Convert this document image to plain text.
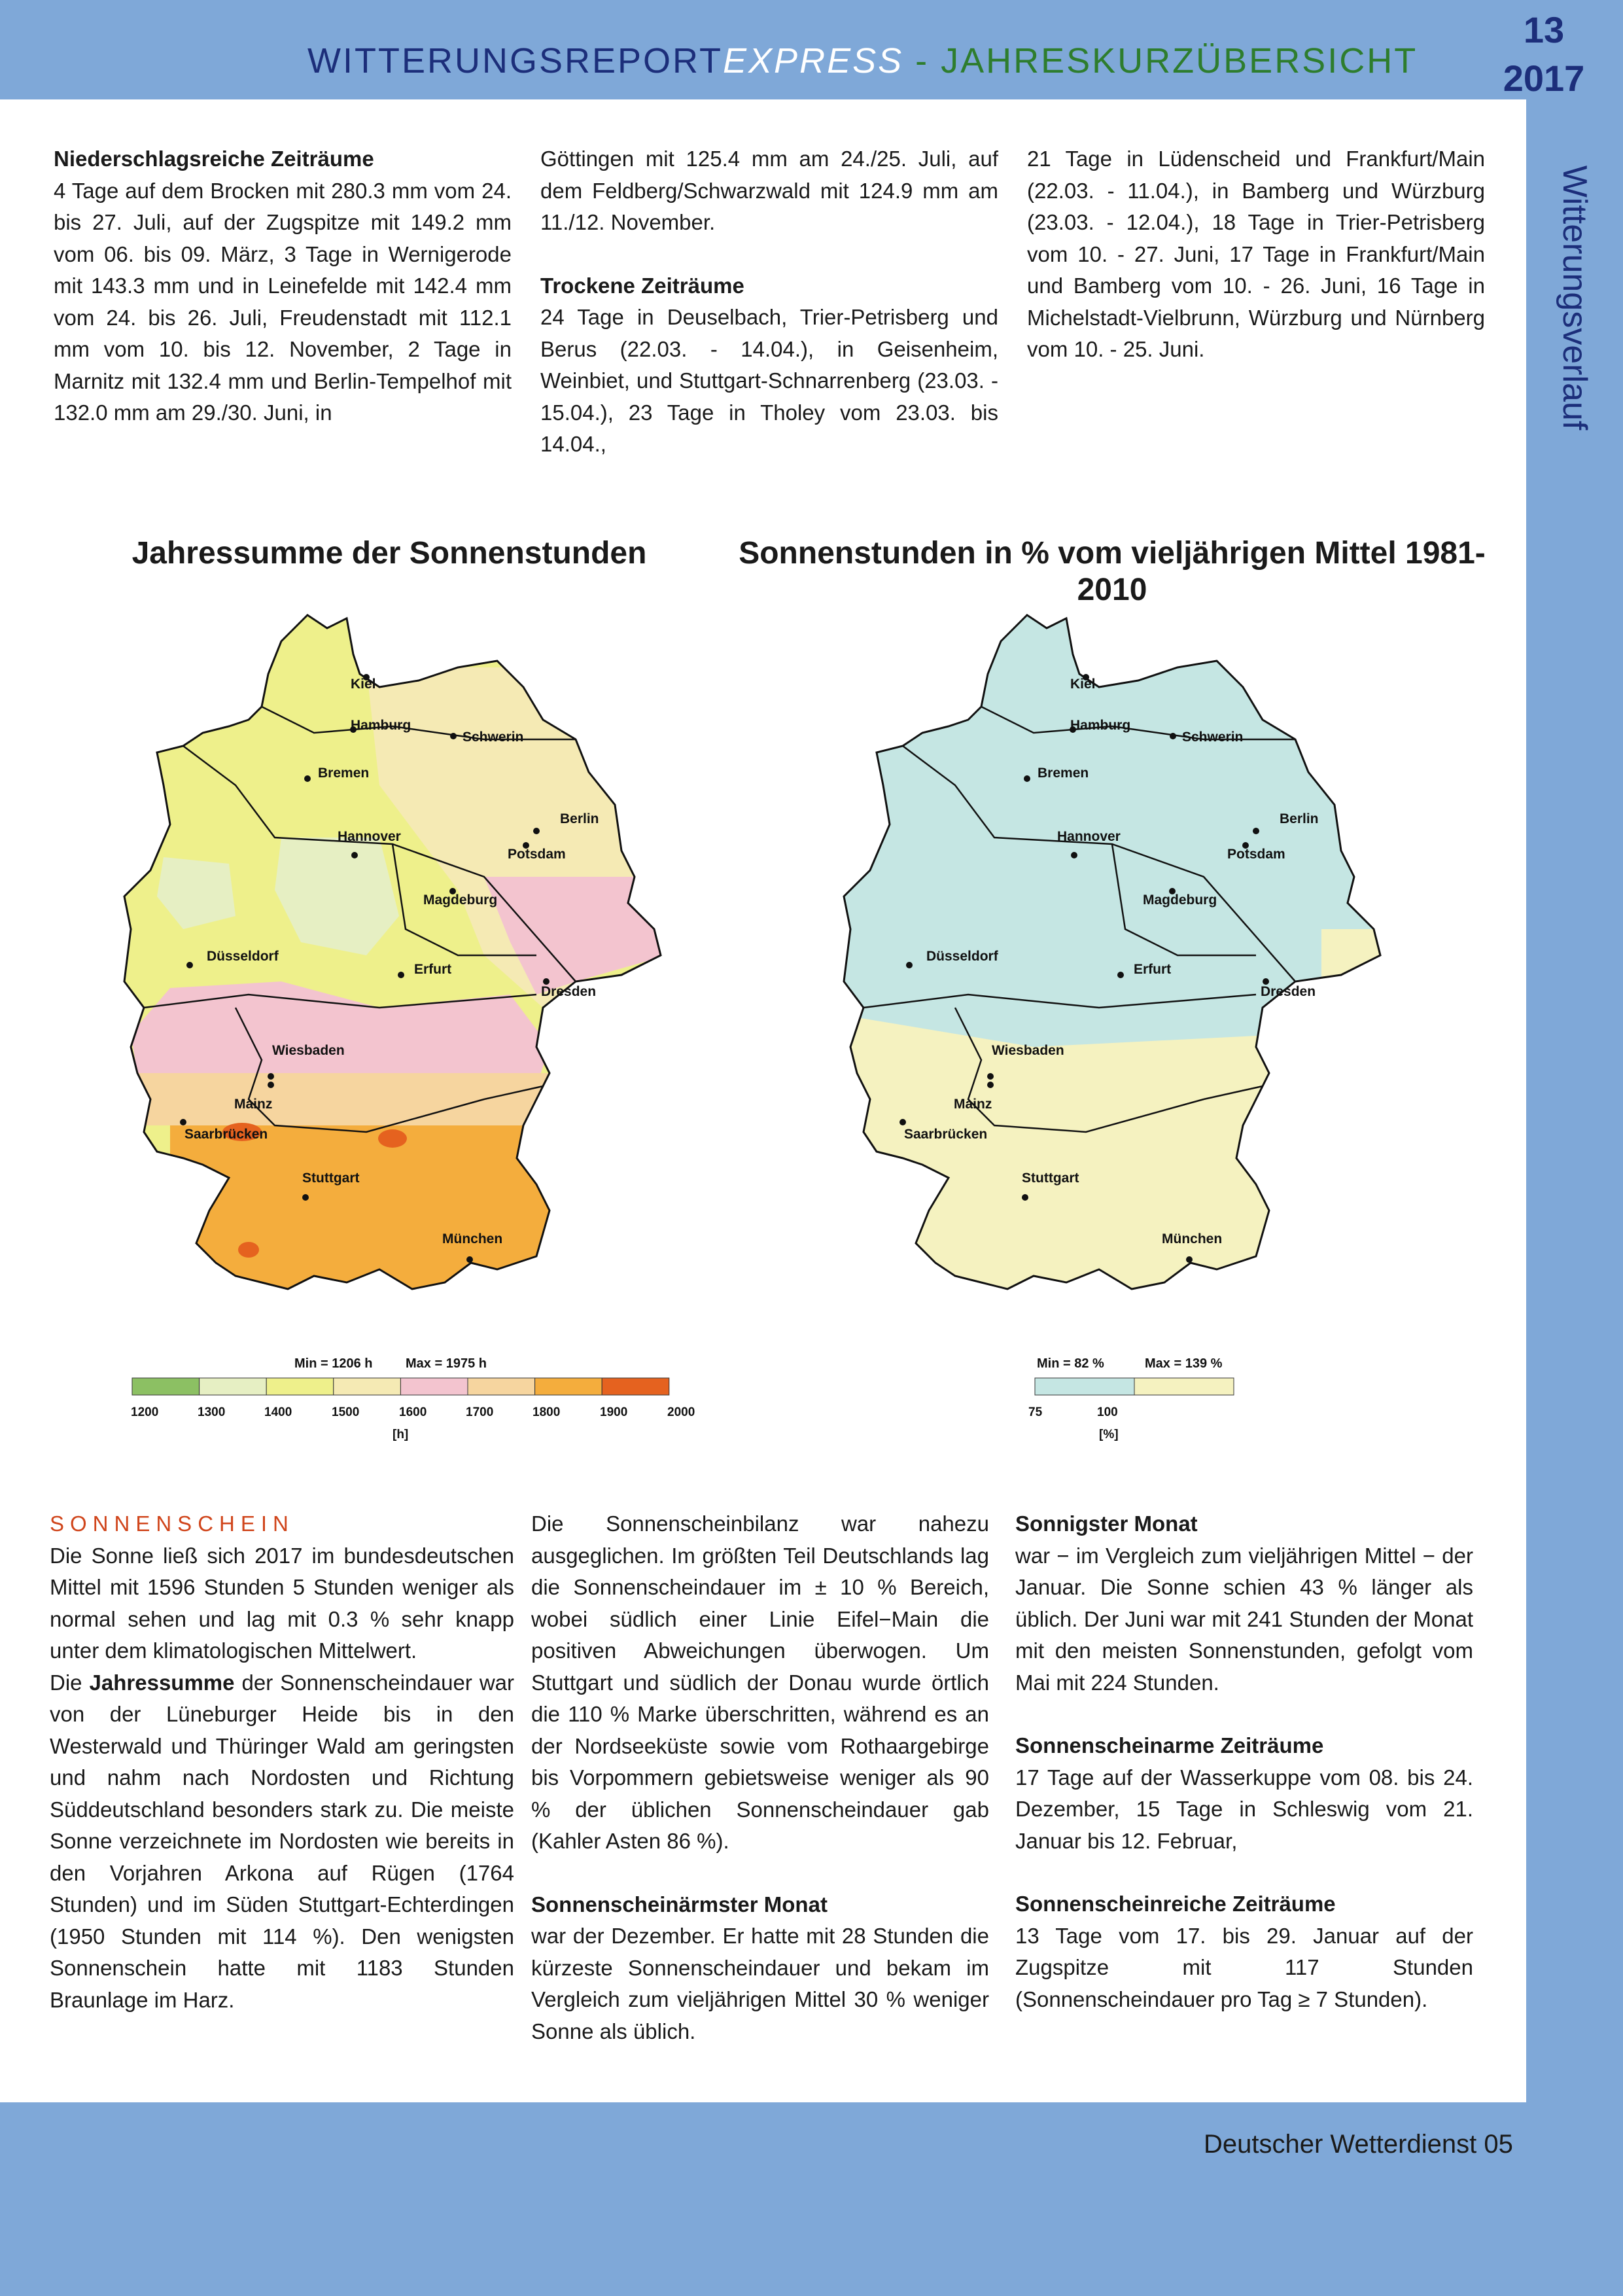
WITTERUNGSREPORTEXPRESS - JAHRESKURZÜBERSICHT
13
2017
Witterungsverlauf

Niederschlagsreiche Zeiträume

4 Tage auf dem Brocken mit 280.3 mm vom 24. bis 27. Juli, auf der Zugspitze mit 149.2 mm vom 06. bis 09. März, 3 Tage in Wernigerode mit 143.3 mm und in Leinefelde mit 142.4 mm vom 24. bis 26. Juli, Freudenstadt mit 112.1 mm vom 10. bis 12. November, 2 Tage in Marnitz mit 132.4 mm und Berlin-Tempelhof mit 132.0 mm am 29./30. Juni, in

Göttingen mit 125.4 mm am 24./25. Juli, auf dem Feldberg/Schwarzwald mit 124.9 mm am 11./12. November.

Trockene Zeiträume

24 Tage in Deuselbach, Trier-Petrisberg und Berus (22.03. - 14.04.), in Geisenheim, Weinbiet, und Stuttgart-Schnarrenberg (23.03. - 15.04.), 23 Tage in Tholey vom 23.03. bis 14.04.,

21 Tage in Lüdenscheid und Frankfurt/Main (22.03. - 11.04.), in Bamberg und Würzburg (23.03. - 12.04.), 18 Tage in Trier-Petrisberg vom 10. - 27. Juni, 17 Tage in Frankfurt/Main und Bamberg vom 10. - 26. Juni, 16 Tage in Michelstadt-Vielbrunn, Würzburg und Nürnberg vom 10. - 25. Juni.

Jahressumme der Sonnenstunden	Sonnenstunden in % vom vieljährigen Mittel 1981-2010
Kiel
Hamburg
Schwerin
Bremen
Berlin
Potsdam
Hannover
Magdeburg
Düsseldorf
Erfurt
Dresden
Wiesbaden
Mainz
Saarbrücken
Stuttgart
München
Kiel
Hamburg
Schwerin
Bremen
Berlin
Potsdam
Hannover
Magdeburg
Düsseldorf
Erfurt
Dresden
Wiesbaden
Mainz
Saarbrücken
Stuttgart
München
Min = 1206 h	Max = 1975 h
1200	1300	1400	1500	1600	1700	1800	1900	2000
[h]
Min = 82 %	Max = 139 %
75	100
[%]

SONNENSCHEIN

Die Sonne ließ sich 2017 im bundesdeutschen Mittel mit 1596 Stunden 5 Stunden weniger als normal sehen und lag mit 0.3 % sehr knapp unter dem klimatologischen Mittelwert.

Die Jahressumme der Sonnenscheindauer war von der Lüneburger Heide bis in den Westerwald und Thüringer Wald am geringsten und nahm nach Nordosten und Richtung Süddeutschland besonders stark zu. Die meiste Sonne verzeichnete im Nordosten wie bereits in den Vorjahren Arkona auf Rügen (1764 Stunden) und im Süden Stuttgart-Echterdingen (1950 Stunden mit 114 %). Den wenigsten Sonnenschein hatte mit 1183 Stunden Braunlage im Harz.

Die Sonnenscheinbilanz war nahezu ausgeglichen. Im größten Teil Deutschlands lag die Sonnenscheindauer im ± 10 % Bereich, wobei südlich einer Linie Eifel−Main die positiven Abweichungen überwogen. Um Stuttgart und südlich der Donau wurde örtlich die 110 % Marke überschritten, während es an der Nordseeküste sowie vom Rothaargebirge bis Vorpommern gebietsweise weniger als 90 % der üblichen Sonnenscheindauer gab (Kahler Asten 86 %).

Sonnenscheinärmster Monat

war der Dezember. Er hatte mit 28 Stunden die kürzeste Sonnenscheindauer und bekam im Vergleich zum vieljährigen Mittel 30 % weniger Sonne als üblich.

Sonnigster Monat

war − im Vergleich zum vieljährigen Mittel − der Januar. Die Sonne schien 43 % länger als üblich. Der Juni war mit 241 Stunden der Monat mit den meisten Sonnenstunden, gefolgt vom Mai mit 224 Stunden.

Sonnenscheinarme Zeiträume

17 Tage auf der Wasserkuppe vom 08. bis 24. Dezember, 15 Tage in Schleswig vom 21. Januar bis 12. Februar,

Sonnenscheinreiche Zeiträume

13 Tage vom 17. bis 29. Januar auf der Zugspitze mit 117 Stunden (Sonnenscheindauer pro Tag ≥ 7 Stunden).

Deutscher Wetterdienst 05
